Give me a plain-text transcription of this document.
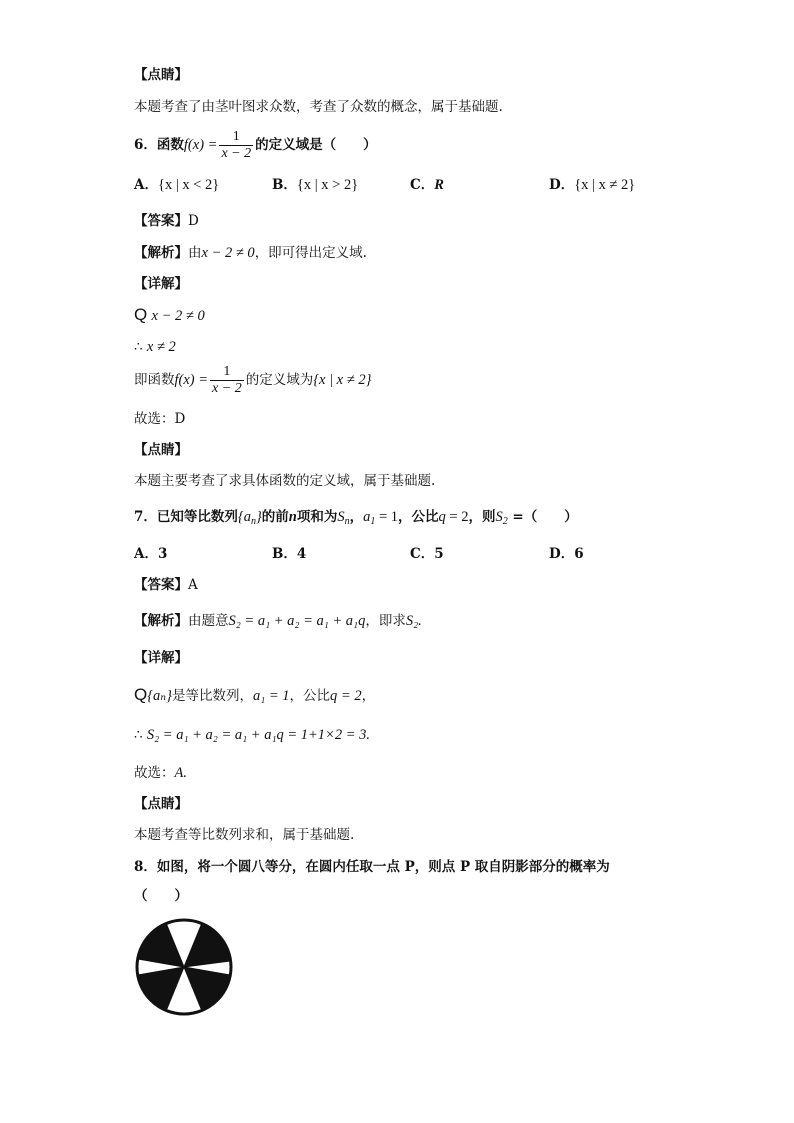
【点睛】
本题考查了由茎叶图求众数，考查了众数的概念，属于基础题.
6．函数$f(x) = \frac{1}{x - 2}$ 的定义域是（　　）
A．{x | x < 2}	B．{x | x > 2}	C．R	D．{x | x ≠ 2}
【答案】D
【解析】由x − 2 ≠ 0，即可得出定义域.
【详解】
Q x − 2 ≠ 0
∴ x ≠ 2
即函数$f(x) = \frac{1}{x - 2}$ 的定义域为{x | x ≠ 2}
故选：D
【点睛】
本题主要考查了求具体函数的定义域，属于基础题.
7．已知等比数列$\{a_n\}$的前n项和为$S_n$，$a_1 = 1$，公比q = 2，则$S_2$ =（　　）
A．3	B．4	C．5	D．6
【答案】A
【解析】由题意S₂ = a₁ + a₂ = a₁ + a₁q，即求S₂.
【详解】
Q{aₙ}是等比数列，a₁ = 1，公比q = 2，
∴ S₂ = a₁ + a₂ = a₁ + a₁q = 1+1×2 = 3.
故选：A.
【点睛】
本题考查等比数列求和，属于基础题.
8．如图，将一个圆八等分，在圆内任取一点 P，则点 P 取自阴影部分的概率为
（　　）
